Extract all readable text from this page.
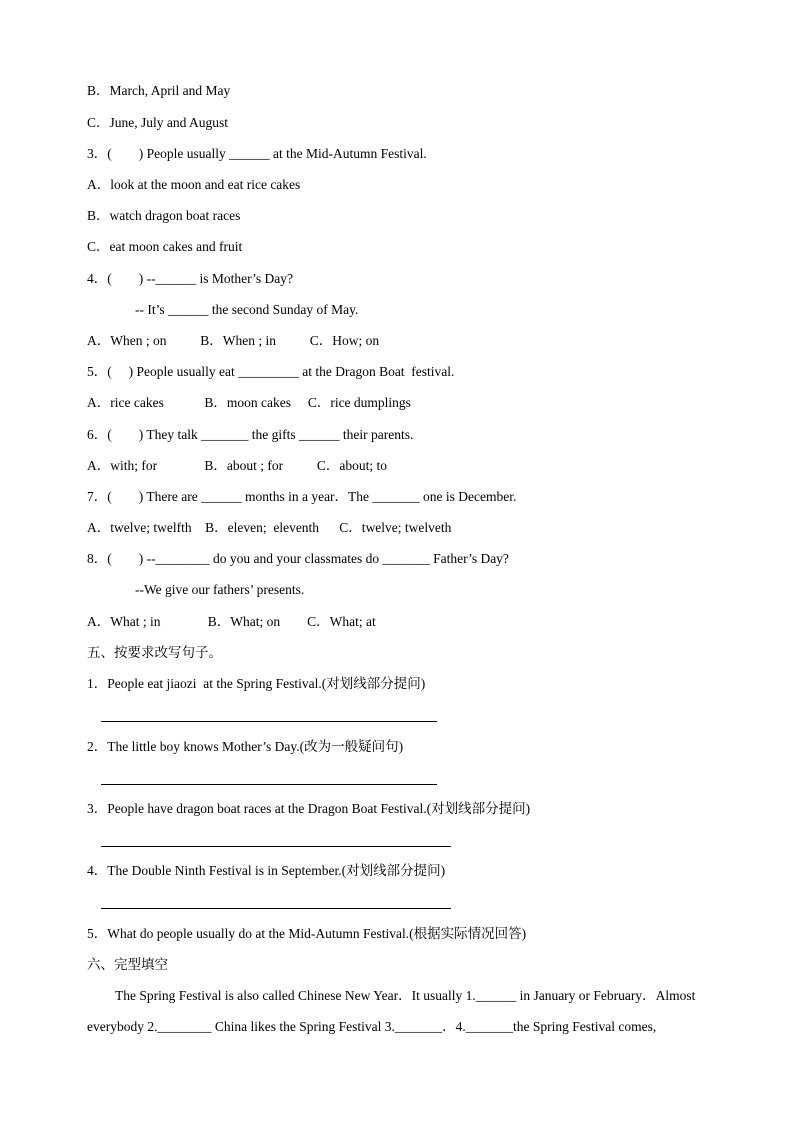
B．March, April and May
C．June, July and August
3．(　　) People usually ______ at the Mid-Autumn Festival.
A．look at the moon and eat rice cakes
B．watch dragon boat races
C．eat moon cakes and fruit
4．(　　) --______ is Mother’s Day?
-- It’s ______ the second Sunday of May.
A．When ; on          B．When ; in          C．How; on
5．(　 ) People usually eat _________ at the Dragon Boat  festival.
A．rice cakes            B．moon cakes     C．rice dumplings
6．(　　) They talk _______ the gifts ______ their parents.
A．with; for              B．about ; for          C．about; to
7．(　　) There are ______ months in a year．The _______ one is December.
A．twelve; twelfth    B．eleven;  eleventh      C．twelve; twelveth
8．(　　) --________ do you and your classmates do _______ Father’s Day?
--We give our fathers’ presents.
A．What ; in              B．What; on        C．What; at
五、按要求改写句子。
1．People eat jiaozi  at the Spring Festival.(对划线部分提问)
2．The little boy knows Mother’s Day.(改为一般疑问句)
3．People have dragon boat races at the Dragon Boat Festival.(对划线部分提问)
4．The Double Ninth Festival is in September.(对划线部分提问)
5．What do people usually do at the Mid-Autumn Festival.(根据实际情况回答)
六、完型填空
The Spring Festival is also called Chinese New Year．It usually 1.______ in January or February．Almost
everybody 2.________ China likes the Spring Festival 3._______．4._______the Spring Festival comes,
